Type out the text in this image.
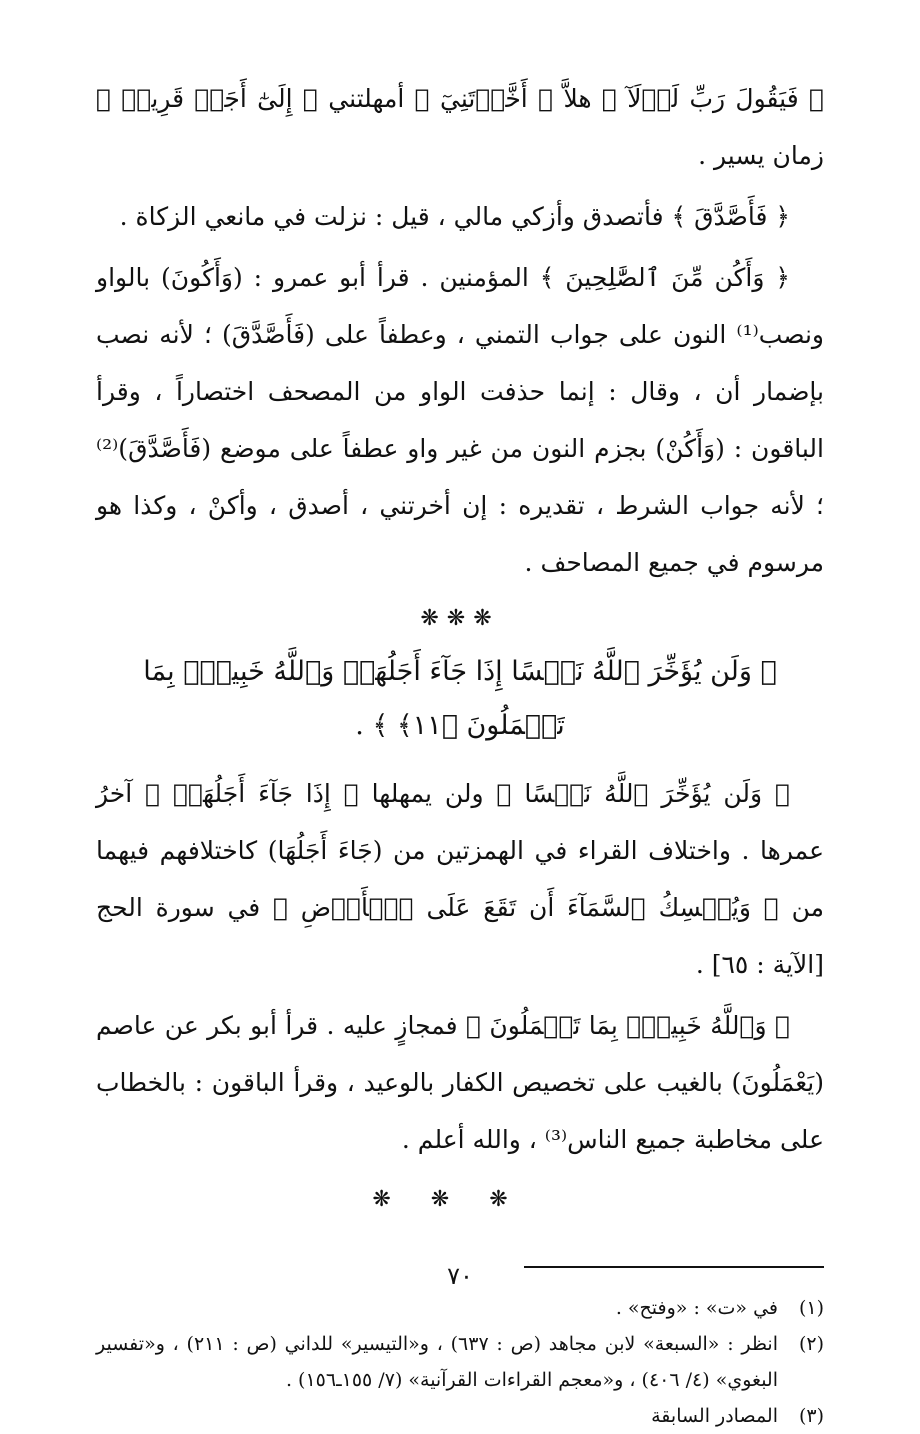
﴿ فَيَقُولَ رَبِّ لَوۡلَآ ﴾ هلاَّ ﴿ أَخَّرۡتَنِيٓ ﴾ أمهلتني ﴿ إِلَىٰٓ أَجَلٖ قَرِيبٖ ﴾ زمان يسير .

﴿ فَأَصَّدَّقَ ﴾ فأتصدق وأزكي مالي ، قيل : نزلت في مانعي الزكاة .

﴿ وَأَكُن مِّنَ ٱلصَّٰلِحِينَ ﴾ المؤمنين . قرأ أبو عمرو : (وَأَكُونَ) بالواو ونصب⁽¹⁾ النون على جواب التمني ، وعطفاً على (فَأَصَّدَّقَ) ؛ لأنه نصب بإضمار أن ، وقال : إنما حذفت الواو من المصحف اختصاراً ، وقرأ الباقون : (وَأَكُنْ) بجزم النون من غير واو عطفاً على موضع (فَأَصَّدَّقَ)⁽²⁾ ؛ لأنه جواب الشرط ، تقديره : إن أخرتني ، أصدق ، وأكنْ ، وكذا هو مرسوم في جميع المصاحف .

❋❋❋
﴿ وَلَن يُؤَخِّرَ ٱللَّهُ نَفۡسًا إِذَا جَآءَ أَجَلُهَاۚ وَٱللَّهُ خَبِيرُۢ بِمَا تَعۡمَلُونَ ﴿١١﴾ ﴾ .

﴿ وَلَن يُؤَخِّرَ ٱللَّهُ نَفۡسًا ﴾ ولن يمهلها ﴿ إِذَا جَآءَ أَجَلُهَاۚ ﴾ آخرُ عمرها . واختلاف القراء في الهمزتين من (جَاءَ أَجَلُهَا) كاختلافهم فيهما من ﴿ وَيُمۡسِكُ ٱلسَّمَآءَ أَن تَقَعَ عَلَى ٱلۡأَرۡضِ ﴾ في سورة الحج [الآية : ٦٥] .

﴿ وَٱللَّهُ خَبِيرُۢ بِمَا تَعۡمَلُونَ ﴾ فمجازٍ عليه . قرأ أبو بكر عن عاصم (يَعْمَلُونَ) بالغيب على تخصيص الكفار بالوعيد ، وقرأ الباقون : بالخطاب على مخاطبة جميع الناس⁽³⁾ ، والله أعلم .

❋❋❋
(١)
في «ت» : «وفتح» .
(٢)
انظر : «السبعة» لابن مجاهد (ص : ٦٣٧) ، و«التيسير» للداني (ص : ٢١١) ، و«تفسير البغوي» (٤/ ٤٠٦) ، و«معجم القراءات القرآنية» (٧/ ١٥٥ـ١٥٦) .
(٣)
المصادر السابقة
٧٠
